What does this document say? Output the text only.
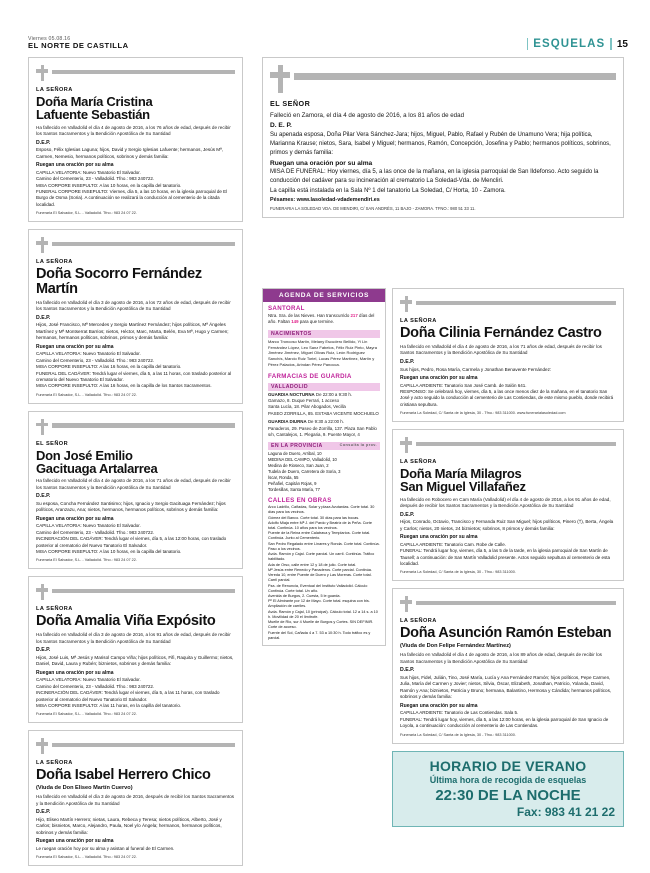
Viernes 05.08.16
EL NORTE DE CASTILLA	ESQUELAS 15
LA SEÑORA
Doña María Cristina
Lafuente Sebastián
Ha fallecido en Valladolid el día 4 de agosto de 2016, a los 76 años de edad, después de recibir los Santos Sacramentos y la Bendición Apostólica de Su Santidad
D.E.P.
Esposo, Félix Iglesias Laguna; hijos, David y Sergio Iglesias Lafuente; hermanos, Jesús Mª, Carmen, Nemesio, hermanos políticos, sobrinos y demás familia:
Ruegan una oración por su alma
CAPILLA VELATORIA: Nuevo Tanatorio El Salvador.
Camino del Cementerio, 23 - Valladolid. Tfno.: 983 240722.
MISA CORPORE INSEPULTO: A las 10 horas, en la capilla del tanatorio.
FUNERAL CORPORE INSEPULTO: Viernes, día 5, a las 10 horas, en la iglesia parroquial de El Burgo de Osma (Soria). A continuación se realizará la conducción al cementerio de la citada localidad.
Funeraria El Salvador, S.L. - Valladolid. Tfno.: 983 24 07 22.
LA SEÑORA
Doña Socorro Fernández Martín
Ha fallecido en Valladolid el día 3 de agosto de 2016, a los 72 años de edad, después de recibir los Santos Sacramentos y la Bendición Apostólica de Su Santidad
D.E.P.
Hijos, José Francisco, Mª Mercedes y Sergio Martínez Fernández; hijos políticos, Mª Ángeles Martínez y Mª Montserrat Barrios; nietos, Héctor, Marc, Marta, Belén, Eva Mª, Hugo y Carmen; hermanos, hermanos políticos, sobrinos, primos y demás familia:
Ruegan una oración por su alma
CAPILLA VELATORIA: Nuevo Tanatorio El Salvador.
Camino del Cementerio, 23 - Valladolid. Tfno.: 983 240722.
MISA CORPORE INSEPULTO: A las 16 horas, en la capilla del tanatorio.
FUNERAL DEL CADÁVER: Tendrá lugar el viernes, día 5, a las 11 horas, con traslado posterior al crematorio del Nuevo Tanatorio El Salvador.
MISA CORPORE INSEPULTO: A las 16 horas, en la capilla de los Santos Sacramentos.
Funeraria El Salvador, S.L. - Valladolid. Tfno.: 983 24 07 22.
EL SEÑOR
Don José Emilio
Gacituaga Artalarrea
Ha fallecido en Valladolid el día 4 de agosto de 2016, a los 71 años de edad, después de recibir los Santos Sacramentos y la Bendición Apostólica de Su Santidad
D.E.P.
Su esposa, Concha Fernández Santisimo; hijos, Ignacio y Sergio Gacituaga Fernández; hijos políticos, Aranzazu, Ana; nietos, hermanos, hermanos políticos, sobrinos y demás familia:
Ruegan una oración por su alma
CAPILLA VELATORIA: Nuevo Tanatorio El Salvador.
Camino del Cementerio, 23 - Valladolid. Tfno.: 983 240722.
INCINERACIÓN DEL CADÁVER: Tendrá lugar el viernes, día 5, a las 12:00 horas, con traslado posterior al crematorio del Nuevo Tanatorio El Salvador.
MISA CORPORE INSEPULTO: A las 10 horas, en la capilla del tanatorio.
Funeraria El Salvador, S.L. - Valladolid. Tfno.: 983 24 07 22.
LA SEÑORA
Doña Amalia Viña Expósito
Ha fallecido en Valladolid el día 3 de agosto de 2016, a los 91 años de edad, después de recibir los Santos Sacramentos y la Bendición Apostólica de Su Santidad
D.E.P.
Hijos, José Luis, Mª Jesús y Marisol Campo Viña; hijos políticos, Fifi, Raquita y Guillermo; nietos, Daniel, David, Laura y Rubén; biznietos, sobrinos y demás familia:
Ruegan una oración por su alma
CAPILLA VELATORIA: Nuevo Tanatorio El Salvador.
Camino del Cementerio, 23 - Valladolid. Tfno.: 983 240722.
INCINERACIÓN DEL CADÁVER: Tendrá lugar el viernes, día 5, a las 11 horas, con traslado posterior al crematorio del Nuevo Tanatorio El Salvador.
MISA CORPORE INSEPULTO: A las 11 horas, en la capilla del tanatorio.
Funeraria El Salvador, S.L. - Valladolid. Tfno.: 983 24 07 22.
LA SEÑORA
Doña Isabel Herrero Chico
(Viuda de Don Eliseo Martín Cuervo)
Ha fallecido en Valladolid el día 3 de agosto de 2016, después de recibir los Santos Sacramentos y la Bendición Apostólica de Su Santidad
D.E.P.
Hijo, Eliseo Martín Herrero; nietas, Laura, Rebeca y Teresa; nietos políticos, Alberto, José y Carlos; bisnietos, Marco, Alejandro, Paula, Noel y/o Ángela; hermanos, hermanos políticos, sobrinos y demás familia:
Ruegan una oración por su alma
Le ruegan oración hoy por su alma y asistan al funeral de El Carmen.
Funeraria El Salvador, S.L. - Valladolid. Tfno.: 983 24 07 22.
EL SEÑOR
Falleció en Zamora, el día 4 de agosto de 2016, a los 81 años de edad
D. E. P.
Su apenada esposa, Doña Pilar Vera Sánchez-Jara; hijos, Miguel, Pablo, Rafael y Rubén de Unamuno Vera; hija política, Marianna Krause; nietos, Sara, Isabel y Miguel; hermanos, Ramón, Concepción, Josefina y Pablo; hermanos políticos, sobrinos, primos y demás familia:
Ruegan una oración por su alma
MISA DE FUNERAL: Hoy viernes, día 5, a las once de la mañana, en la iglesia parroquial de San Ildefonso. Acto seguido la conducción del cadáver para su incineración al crematorio La Soledad-Vda. de Mencliri.
La capilla está instalada en la Sala Nº 1 del tanatorio La Soledad, C/ Horta, 10 - Zamora.
Pésames: www.lasoledad-vdademendiri.es
FUNERARIA LA SOLEDAD VDA. DE MENDIRI, C/ SAN ANDRÉS, 11 BAJO - ZAMORA. TFNO.: 980 51 33 11.
AGENDA DE SERVICIOS
SANTORAL
Ntra. Sra. de las Nieves. Han transcurrido 217 días del año. Faltan 149 para que termine.
NACIMIENTOS
Marco Troncoso Martín, Melany Escudero Bellido, Yi Lin Fernández López, Leo Sanz Fabelos, Félix Ruiz Pinto, Mayra Jiménez Jiménez, Miguel Olivas Ruiz, León Rodríguez Sanchís, Marcio Ruiz Toriel, Lucas Pérez Martínez, Martín y Pérez Palacios, Arindan Pérez Panocca.
FARMACIAS DE GUARDIA
VALLADOLID
GUARDIA NOCTURNA De 22:00 a 9:30 h.
Gamazo, 8. Duque Ferrari, 1 acceso
Santa Lucía, 18. Pilar Abogados, Vecilla
PASEO ZORRILLA, 85. ESTABA VICENTE MOCHUELO
GUARDIA DIURNA De 9:30 a 22:00 h.
Panaderos, 29. Paseo de Zorrilla, 137. Plaza San Pablo s/n, Cantalejos, 1. Plegaria, 9. Puente Mayor, 4
EN LA PROVINCIA	Consulta la prov.
Laguna de Duero, Arribal, 10
MEDINA DEL CAMPO, Valladolid, 10
Medina de Rioseco, San Juan, 2
Tudela de Duero, Carretera de Soria, 3
Íscar, Ronda, 55
Peñafiel, Capitán Rojas, 9
Tordesillas, Santa María, 77
CALLES EN OBRAS
Arco Ladrillo, Cañadas, Solar y plaza Avutardas. Corte total. 30 días para los vecinos.
Gómez del Banco. Corte total. 30 días para las bocas.
Adolfo Miaja entre Mª J. del Pardo y Beatriz de la Peña. Corte total. Continúa. 10 años para los vecinos.
Puente de la Reina entre Calatrava y Templarios. Corte total. Continúa. Junto al Cementerio.
San Pedro Regalado entre Linares y Ronda. Corte total. Continúa. Paso a los vecinos.
Avda. Ramón y Cajal. Corte parcial. Un carril. Continúa. Tráfico habilitado.
Ada de Orso, calle entre 12 y 18 de julio. Corte total.
Mª Jesús entre Renedo y Panaderos. Corte parcial. Continúa.
Vereda 10, entre Puente de Duero y Las Moreras. Corte total. Carril parcial.
Pza. de Renuncia, Eventual del Instituto Valladolid. Cálculo Continúa. Corte total. Un año.
Avenida de Burgos, 2. Cuesta, 5 le guarda.
Pº El Almirante por 12 de Mayo. Corte total. esquina con bis. Ampliación de carriles.
Avda. Ramón y Cajal, 10 (principal). Cálculo total. 12 a 14 s. a 10 h. Movilidad de 20 el limítrofe.
Muelle de Rio, sur 4 Muelle de Burgos y Cortes. SIN DEFINIR. Corte de acceso.
Fuente del Sol, Cañada 4 a 7. 53 a 10:30 h. Todo tráfico es y parcial.
LA SEÑORA
Doña Cilinia Fernández Castro
Ha fallecido en Valladolid el día 4 de agosto de 2016, a los 71 años de edad, después de recibir los Santos Sacramentos y la Bendición Apostólica de Su Santidad
D.E.P.
Sus hijos, Pedro, Rosa María, Carmela y Jonathan Benavente Fernández:
Ruegan una oración por su alma
CAPILLA ARDIENTE: Tanatorio San José Camb. de Salón 641.
RESPONSO: Se celebrará hoy, viernes, día 5, a las once menos diez de la mañana, en el tanatorio San José y acto seguido la conducción al cementerio de Las Contiendas, de este mismo pueblo, donde recibirá cristiana sepultura.
Funeraria La Soledad, C/ Santa de la Iglesia, 30 - Tfno.: 983 311000. www.funerarialasoledad.com
LA SEÑORA
Doña María Milagros
San Miguel Villafañez
Ha fallecido en Robocero en Cam María (Valladolid) el día 4 de agosto de 2016, a los 91 años de edad, después de recibir los Santos Sacramentos y la Bendición Apostólica de Su Santidad
D.E.P.
Hijos, Conrado, Octavio, Trancisco y Fernanda Ruiz San Miguel; hijos políticos, Pinero (†), Berta, Ángela y Carlos; nietos, 20 nietos, 24 biznietos; sobrinos, 8 primos y demás familia:
Ruegan una oración por su alma
CAPILLA ARDIENTE: Tanatorio Cam. Robe de Calle.
FUNERAL: Tendrá lugar hoy, viernes, día 5, a las 5 de la tarde, en la iglesia parroquial de San Martín de Tausell; a continuación: de San Martín Valladolid presente. Actos seguido sepultura al cementerio de esta localidad.
Funeraria La Soledad, C/ Santa de la Iglesia, 30 - Tfno.: 983 311000.
LA SEÑORA
Doña Asunción Ramón Esteban
(Viuda de Don Felipe Fernández Martínez)
Ha fallecido en Valladolid el día 4 de agosto de 2016, a los 89 años de edad, después de recibir los Santos Sacramentos y la Bendición Apostólica de Su Santidad
D.E.P.
Sus hijos, Fidel, Julián, Tino, José María, Lucía y Ana Fernández Ramón; hijos políticos, Pepe Carmen, Julia, María del Carmen y Jovier; nietos, Silvia, Óscar, Elizabeth, Jonathan, Patricio, Yolanda, David, Ramón y Ana; biznietos, Patricia y Bruno; hermana, Balantino, Hermosa y Cándida; hermanos políticos, sobrinos y demás familia:
Ruegan una oración por su alma
CAPILLA ARDIENTE: Tanatorio de Las Contiendas. Sala 5.
FUNERAL: Tendrá lugar hoy, viernes, día 5, a las 12:00 horas, en la iglesia parroquial de San Ignacio de Loyola, a continuación: conducción al cementerio de Las Contiendas.
Funeraria La Soledad, C/ Santa de la Iglesia, 30 - Tfno.: 983 311000.
HORARIO DE VERANO
Última hora de recogida de esquelas
22:30 DE LA NOCHE
Fax: 983 41 21 22
